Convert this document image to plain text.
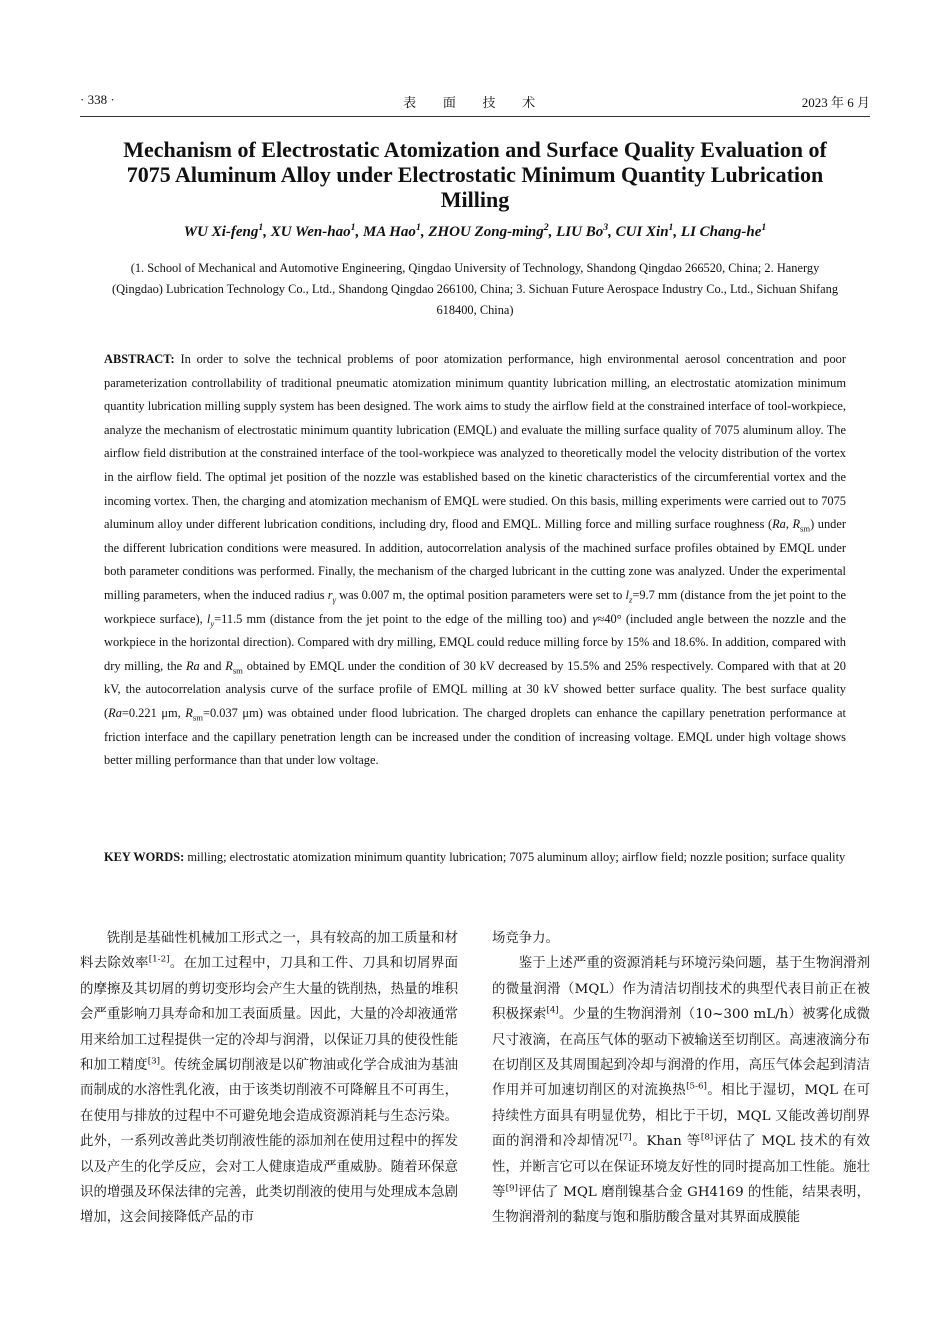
· 338 ·	表 面 技 术	2023 年 6 月
Mechanism of Electrostatic Atomization and Surface Quality Evaluation of 7075 Aluminum Alloy under Electrostatic Minimum Quantity Lubrication Milling
WU Xi-feng$^1$, XU Wen-hao$^1$, MA Hao$^1$, ZHOU Zong-ming$^2$, LIU Bo$^3$, CUI Xin$^1$, LI Chang-$he^1$
(1. School of Mechanical and Automotive Engineering, Qingdao University of Technology, Shandong Qingdao 266520, China; 2. Hanergy (Qingdao) Lubrication Technology Co., Ltd., Shandong Qingdao 266100, China; 3. Sichuan Future Aerospace Industry Co., Ltd., Sichuan Shifang 618400, China)

ABSTRACT: In order to solve the technical problems of poor atomization performance, high environmental aerosol concentration and poor parameterization controllability of traditional pneumatic atomization minimum quantity lubrication milling, an electrostatic atomization minimum quantity lubrication milling supply system has been designed. The work aims to study the airflow field at the constrained interface of tool-workpiece, analyze the mechanism of electrostatic minimum quantity lubrication (EMQL) and evaluate the milling surface quality of 7075 aluminum alloy. The airflow field distribution at the constrained interface of the tool-workpiece was analyzed to theoretically model the velocity distribution of the vortex in the airflow field. The optimal jet position of the nozzle was established based on the kinetic characteristics of the circumferential vortex and the incoming vortex. Then, the charging and atomization mechanism of EMQL were studied. On this basis, milling experiments were carried out to 7075 aluminum alloy under different lubrication conditions, including dry, flood and EMQL. Milling force and milling surface roughness (Ra, $R_{sm}$) under the different lubrication conditions were measured. In addition, autocorrelation analysis of the machined surface profiles obtained by EMQL under both parameter conditions was performed. Finally, the mechanism of the charged lubricant in the cutting zone was analyzed. Under the experimental milling parameters, when the induced radius $r_\gamma$ was 0.007 m, the optimal position parameters were set to $l_z=9.7$ mm (distance from the jet point to the workpiece surface), $l_y=11.5$ mm (distance from the jet point to the edge of the milling too) and γ≈40° (included angle between the nozzle and the workpiece in the horizontal direction). Compared with dry milling, EMQL could reduce milling force by 15% and 18.6%. In addition, compared with dry milling, the Ra and $R_{sm}$ obtained by EMQL under the condition of 30 kV decreased by 15.5% and 25% respectively. Compared with that at 20 kV, the autocorrelation analysis curve of the surface profile of EMQL milling at 30 kV showed better surface quality. The best surface quality (Ra=0.221 μm, $R_{sm}=0.037$ μm) was obtained under flood lubrication. The charged droplets can enhance the capillary penetration performance at friction interface and the capillary penetration length can be increased under the condition of increasing voltage. EMQL under high voltage shows better milling performance than that under low voltage.

KEY WORDS: milling; electrostatic atomization minimum quantity lubrication; 7075 aluminum alloy; airflow field; nozzle position; surface quality

铣削是基础性机械加工形式之一，具有较高的加工质量和材料去除效率[1-2]。在加工过程中，刀具和工件、刀具和切屑界面的摩擦及其切屑的剪切变形均会产生大量的铣削热，热量的堆积会严重影响刀具寿命和加工表面质量。因此，大量的冷却液通常用来给加工过程提供一定的冷却与润滑，以保证刀具的使役性能和加工精度[3]。传统金属切削液是以矿物油或化学合成油为基油而制成的水溶性乳化液，由于该类切削液不可降解且不可再生，在使用与排放的过程中不可避免地会造成资源消耗与生态污染。此外，一系列改善此类切削液性能的添加剂在使用过程中的挥发以及产生的化学反应，会对工人健康造成严重威胁。随着环保意识的增强及环保法律的完善，此类切削液的使用与处理成本急剧增加，这会间接降低产品的市

场竞争力。

鉴于上述严重的资源消耗与环境污染问题，基于生物润滑剂的微量润滑（MQL）作为清洁切削技术的典型代表目前正在被积极探索[4]。少量的生物润滑剂（10~300 mL/h）被雾化成微尺寸液滴，在高压气体的驱动下被输送至切削区。高速液滴分布在切削区及其周围起到冷却与润滑的作用，高压气体会起到清洁作用并可加速切削区的对流换热[5-6]。相比于湿切，MQL 在可持续性方面具有明显优势，相比于干切，MQL 又能改善切削界面的润滑和冷却情况[7]。Khan 等[8]评估了 MQL 技术的有效性，并断言它可以在保证环境友好性的同时提高加工性能。施壮等[9]评估了 MQL 磨削镍基合金 GH4169 的性能，结果表明，生物润滑剂的黏度与饱和脂肪酸含量对其界面成膜能
